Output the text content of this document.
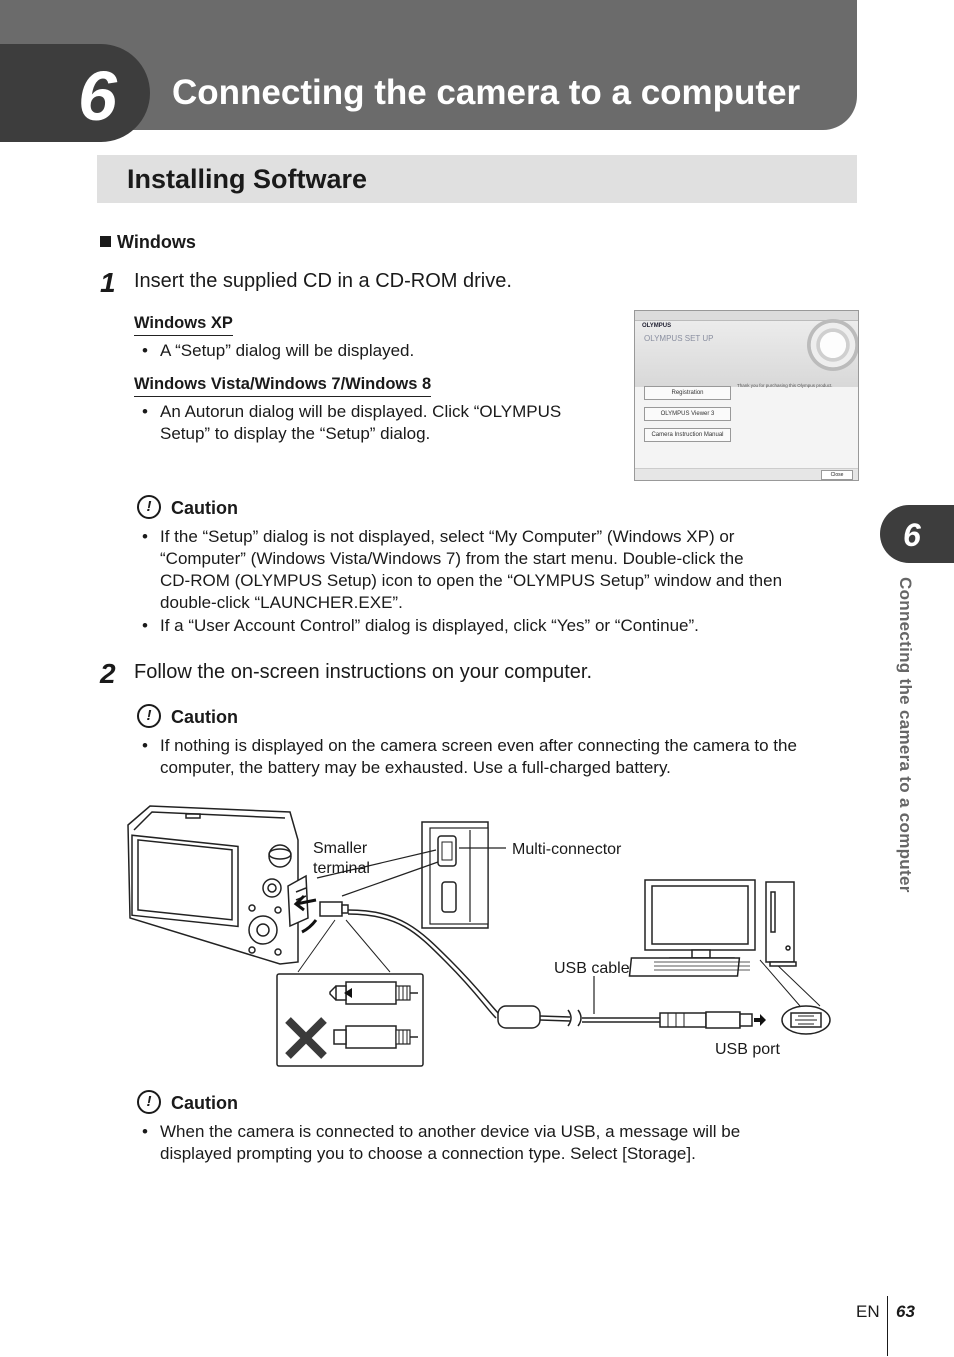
6 Connecting the camera to a computer
Installing Software
Windows
1 Insert the supplied CD in a CD-ROM drive.
Windows XP
• A “Setup” dialog will be displayed.
Windows Vista/Windows 7/Windows 8
• An Autorun dialog will be displayed. Click “OLYMPUS
Setup” to display the “Setup” dialog.
OLYMPUS
OLYMPUS SET UP
Registration
OLYMPUS Viewer 3
Camera Instruction Manual
Thank you for purchasing this Olympus product.
Close
!	Caution
• If the “Setup” dialog is not displayed, select “My Computer” (Windows XP) or
“Computer” (Windows Vista/Windows 7) from the start menu. Double-click the
CD-ROM (OLYMPUS Setup) icon to open the “OLYMPUS Setup” window and then
double-click “LAUNCHER.EXE”.
• If a “User Account Control” dialog is displayed, click “Yes” or “Continue”.
2 Follow the on-screen instructions on your computer.
!	Caution
• If nothing is displayed on the camera screen even after connecting the camera to the
computer, the battery may be exhausted. Use a full-charged battery.
Smaller
terminal
Multi-connector
USB cable
USB port
!	Caution
• When the camera is connected to another device via USB, a message will be
displayed prompting you to choose a connection type. Select [Storage].
6
Connecting the camera to a computer
EN 63
